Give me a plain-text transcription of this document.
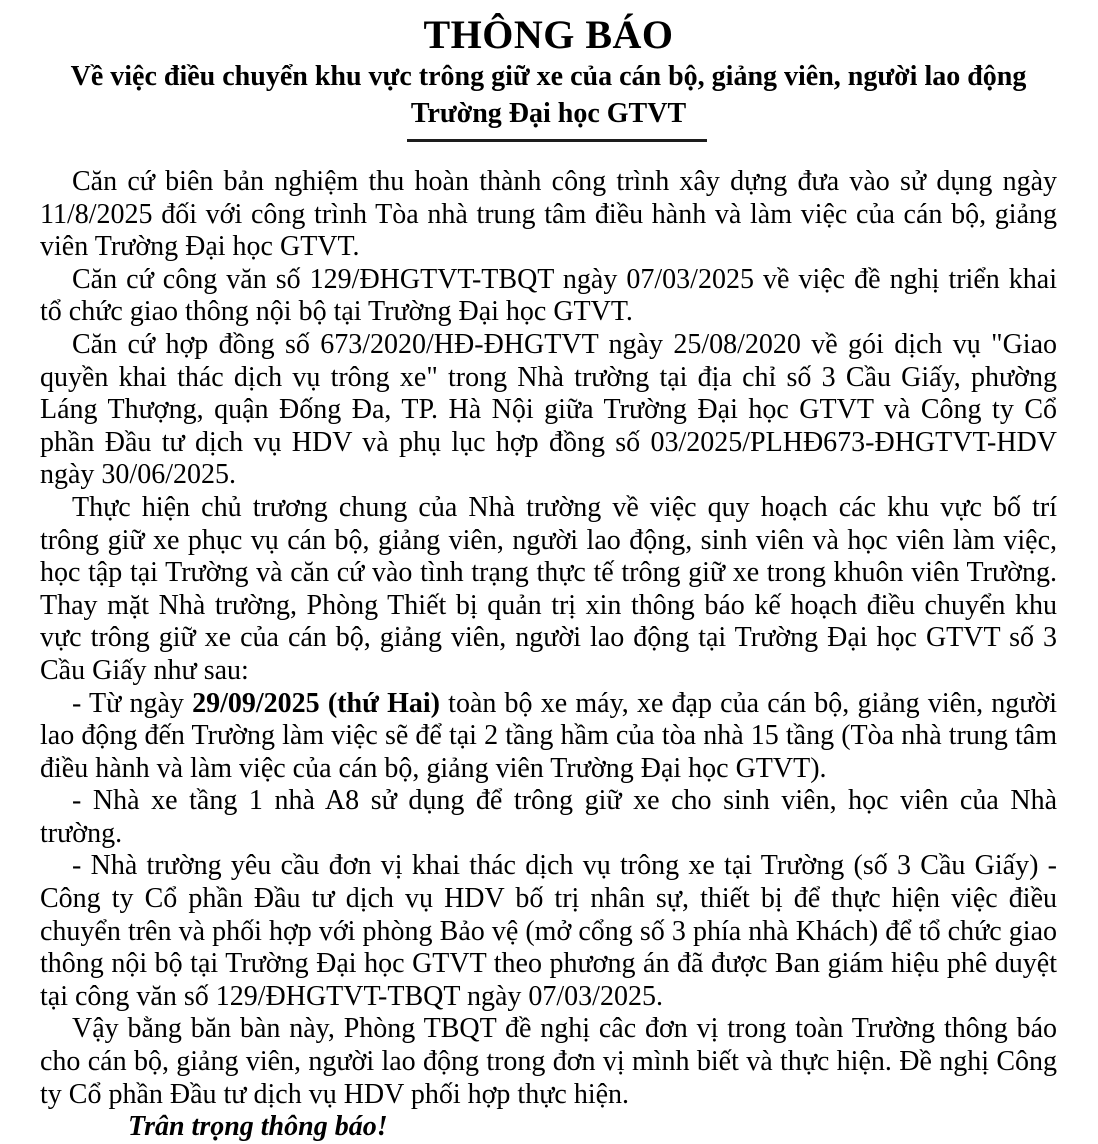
THÔNG BÁO
Về việc điều chuyển khu vực trông giữ xe của cán bộ, giảng viên, người lao động Trường Đại học GTVT

Căn cứ biên bản nghiệm thu hoàn thành công trình xây dựng đưa vào sử dụng ngày 11/8/2025 đối với công trình Tòa nhà trung tâm điều hành và làm việc của cán bộ, giảng viên Trường Đại học GTVT.

Căn cứ công văn số 129/ĐHGTVT-TBQT ngày 07/03/2025 về việc đề nghị triển khai tổ chức giao thông nội bộ tại Trường Đại học GTVT.

Căn cứ hợp đồng số 673/2020/HĐ-ĐHGTVT ngày 25/08/2020 về gói dịch vụ "Giao quyền khai thác dịch vụ trông xe" trong Nhà trường tại địa chỉ số 3 Cầu Giấy, phường Láng Thượng, quận Đống Đa, TP. Hà Nội giữa Trường Đại học GTVT và Công ty Cổ phần Đầu tư dịch vụ HDV và phụ lục hợp đồng số 03/2025/PLHĐ673-ĐHGTVT-HDV ngày 30/06/2025.

Thực hiện chủ trương chung của Nhà trường về việc quy hoạch các khu vực bố trí trông giữ xe phục vụ cán bộ, giảng viên, người lao động, sinh viên và học viên làm việc, học tập tại Trường và căn cứ vào tình trạng thực tế trông giữ xe trong khuôn viên Trường. Thay mặt Nhà trường, Phòng Thiết bị quản trị xin thông báo kế hoạch điều chuyển khu vực trông giữ xe của cán bộ, giảng viên, người lao động tại Trường Đại học GTVT số 3 Cầu Giấy như sau:

- Từ ngày 29/09/2025 (thứ Hai) toàn bộ xe máy, xe đạp của cán bộ, giảng viên, người lao động đến Trường làm việc sẽ để tại 2 tầng hầm của tòa nhà 15 tầng (Tòa nhà trung tâm điều hành và làm việc của cán bộ, giảng viên Trường Đại học GTVT).

- Nhà xe tầng 1 nhà A8 sử dụng để trông giữ xe cho sinh viên, học viên của Nhà trường.

- Nhà trường yêu cầu đơn vị khai thác dịch vụ trông xe tại Trường (số 3 Cầu Giấy) - Công ty Cổ phần Đầu tư dịch vụ HDV bố trị nhân sự, thiết bị để thực hiện việc điều chuyển trên và phối hợp với phòng Bảo vệ (mở cổng số 3 phía nhà Khách) để tổ chức giao thông nội bộ tại Trường Đại học GTVT theo phương án đã được Ban giám hiệu phê duyệt tại công văn số 129/ĐHGTVT-TBQT ngày 07/03/2025.

Vậy bằng băn bàn này, Phòng TBQT đề nghị câc đơn vị trong toàn Trường thông báo cho cán bộ, giảng viên, người lao động trong đơn vị mình biết và thực hiện. Đề nghị Công ty Cổ phần Đầu tư dịch vụ HDV phối hợp thực hiện.

Trân trọng thông báo!
